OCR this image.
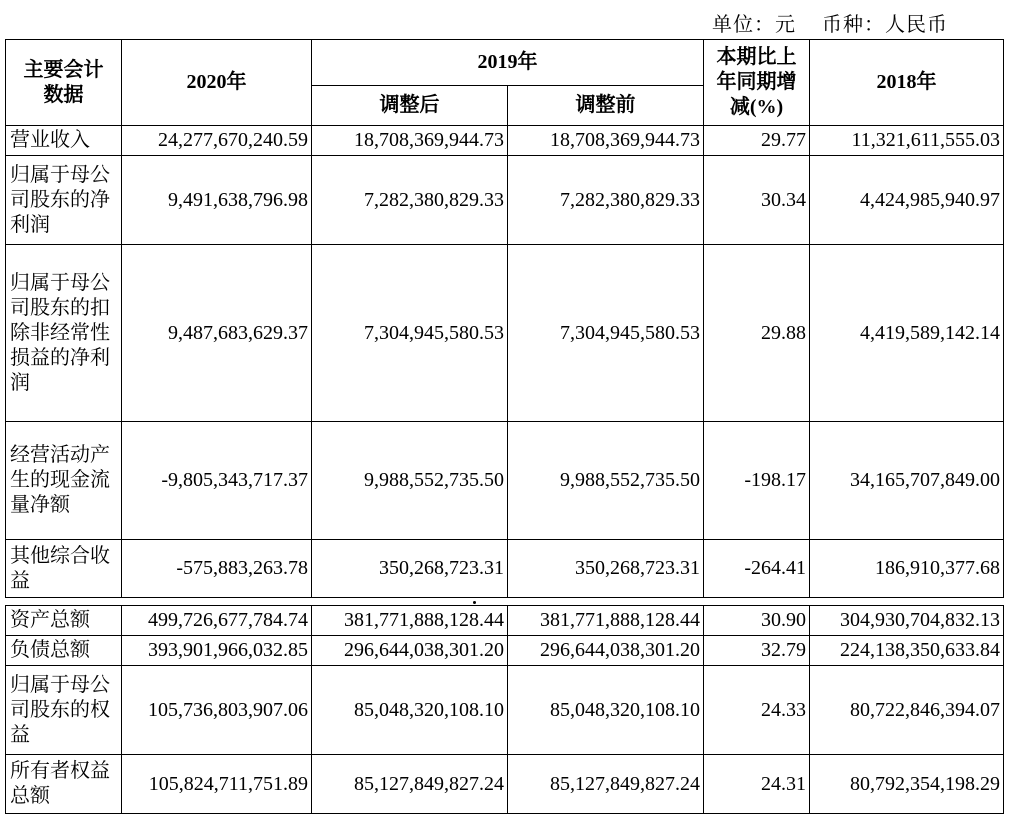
单位：元 币种：人民币
主要会计数据	2020年	2019年		本期比上年同期增减(%)	2018年
		调整后	调整前		
营业收入	24,277,670,240.59	18,708,369,944.73	18,708,369,944.73	29.77	11,321,611,555.03
归属于母公司股东的净利润	9,491,638,796.98	7,282,380,829.33	7,282,380,829.33	30.34	4,424,985,940.97
归属于母公司股东的扣除非经常性损益的净利润	9,487,683,629.37	7,304,945,580.53	7,304,945,580.53	29.88	4,419,589,142.14
经营活动产生的现金流量净额	-9,805,343,717.37	9,988,552,735.50	9,988,552,735.50	-198.17	34,165,707,849.00
其他综合收益	-575,883,263.78	350,268,723.31	350,268,723.31	-264.41	186,910,377.68
资产总额	499,726,677,784.74	381,771,888,128.44	381,771,888,128.44	30.90	304,930,704,832.13
负债总额	393,901,966,032.85	296,644,038,301.20	296,644,038,301.20	32.79	224,138,350,633.84
归属于母公司股东的权益	105,736,803,907.06	85,048,320,108.10	85,048,320,108.10	24.33	80,722,846,394.07
所有者权益总额	105,824,711,751.89	85,127,849,827.24	85,127,849,827.24	24.31	80,792,354,198.29
